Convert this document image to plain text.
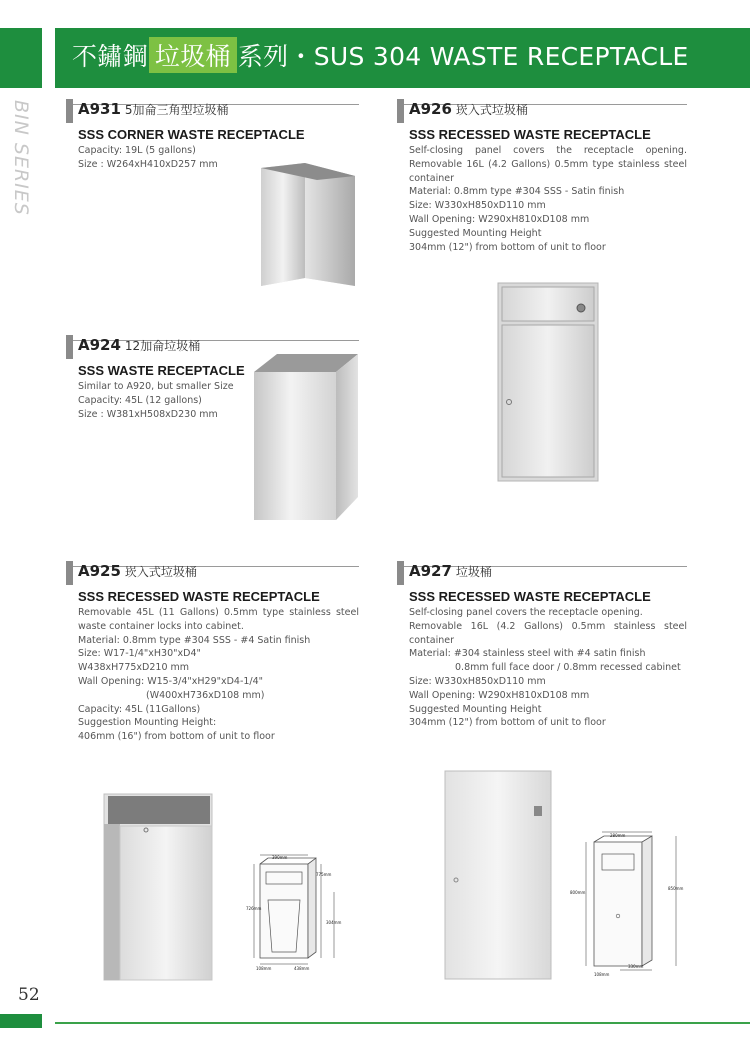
不鏽鋼 垃圾桶 系列・SUS 304 WASTE RECEPTACLE
BIN SERIES	A931 5加侖三角型垃圾桶
SSS CORNER WASTE RECEPTACLE
Capacity: 19L (5 gallons)
Size : W264xH410xD257 mm
A926 崁入式垃圾桶
SSS RECESSED WASTE RECEPTACLE
Self-closing panel covers the receptacle opening.
Removable 16L (4.2 Gallons) 0.5mm type stainless steel
container
Material: 0.8mm type #304 SSS - Satin finish
Size: W330xH850xD110 mm
Wall Opening: W290xH810xD108 mm
Suggested Mounting Height
304mm (12") from bottom of unit to floor
A924 12加侖垃圾桶
SSS WASTE RECEPTACLE
Similar to A920, but smaller Size
Capacity: 45L (12 gallons)
Size : W381xH508xD230 mm
A925 崁入式垃圾桶
SSS RECESSED WASTE RECEPTACLE
Removable 45L (11 Gallons) 0.5mm type stainless steel
waste container locks into cabinet.
Material: 0.8mm type #304 SSS - #4 Satin finish
Size: W17-1/4"xH30"xD4"
W438xH775xD210 mm
Wall Opening: W15-3/4"xH29"xD4-1/4"
(W400xH736xD108 mm)
Capacity: 45L (11Gallons)
Suggestion Mounting Height:
406mm (16") from bottom of unit to floor
390mm
775mm
726mm
304mm
108mm	438mm
A927 垃圾桶
SSS RECESSED WASTE RECEPTACLE
Self-closing panel covers the receptacle opening.
Removable 16L (4.2 Gallons) 0.5mm stainless steel
container
Material: #304 stainless steel with #4 satin finish
0.8mm full face door / 0.8mm recessed cabinet
Size: W330xH850xD110 mm
Wall Opening: W290xH810xD108 mm
Suggested Mounting Height
304mm (12") from bottom of unit to floor
280mm
800mm
850mm
330mm
108mm
52
